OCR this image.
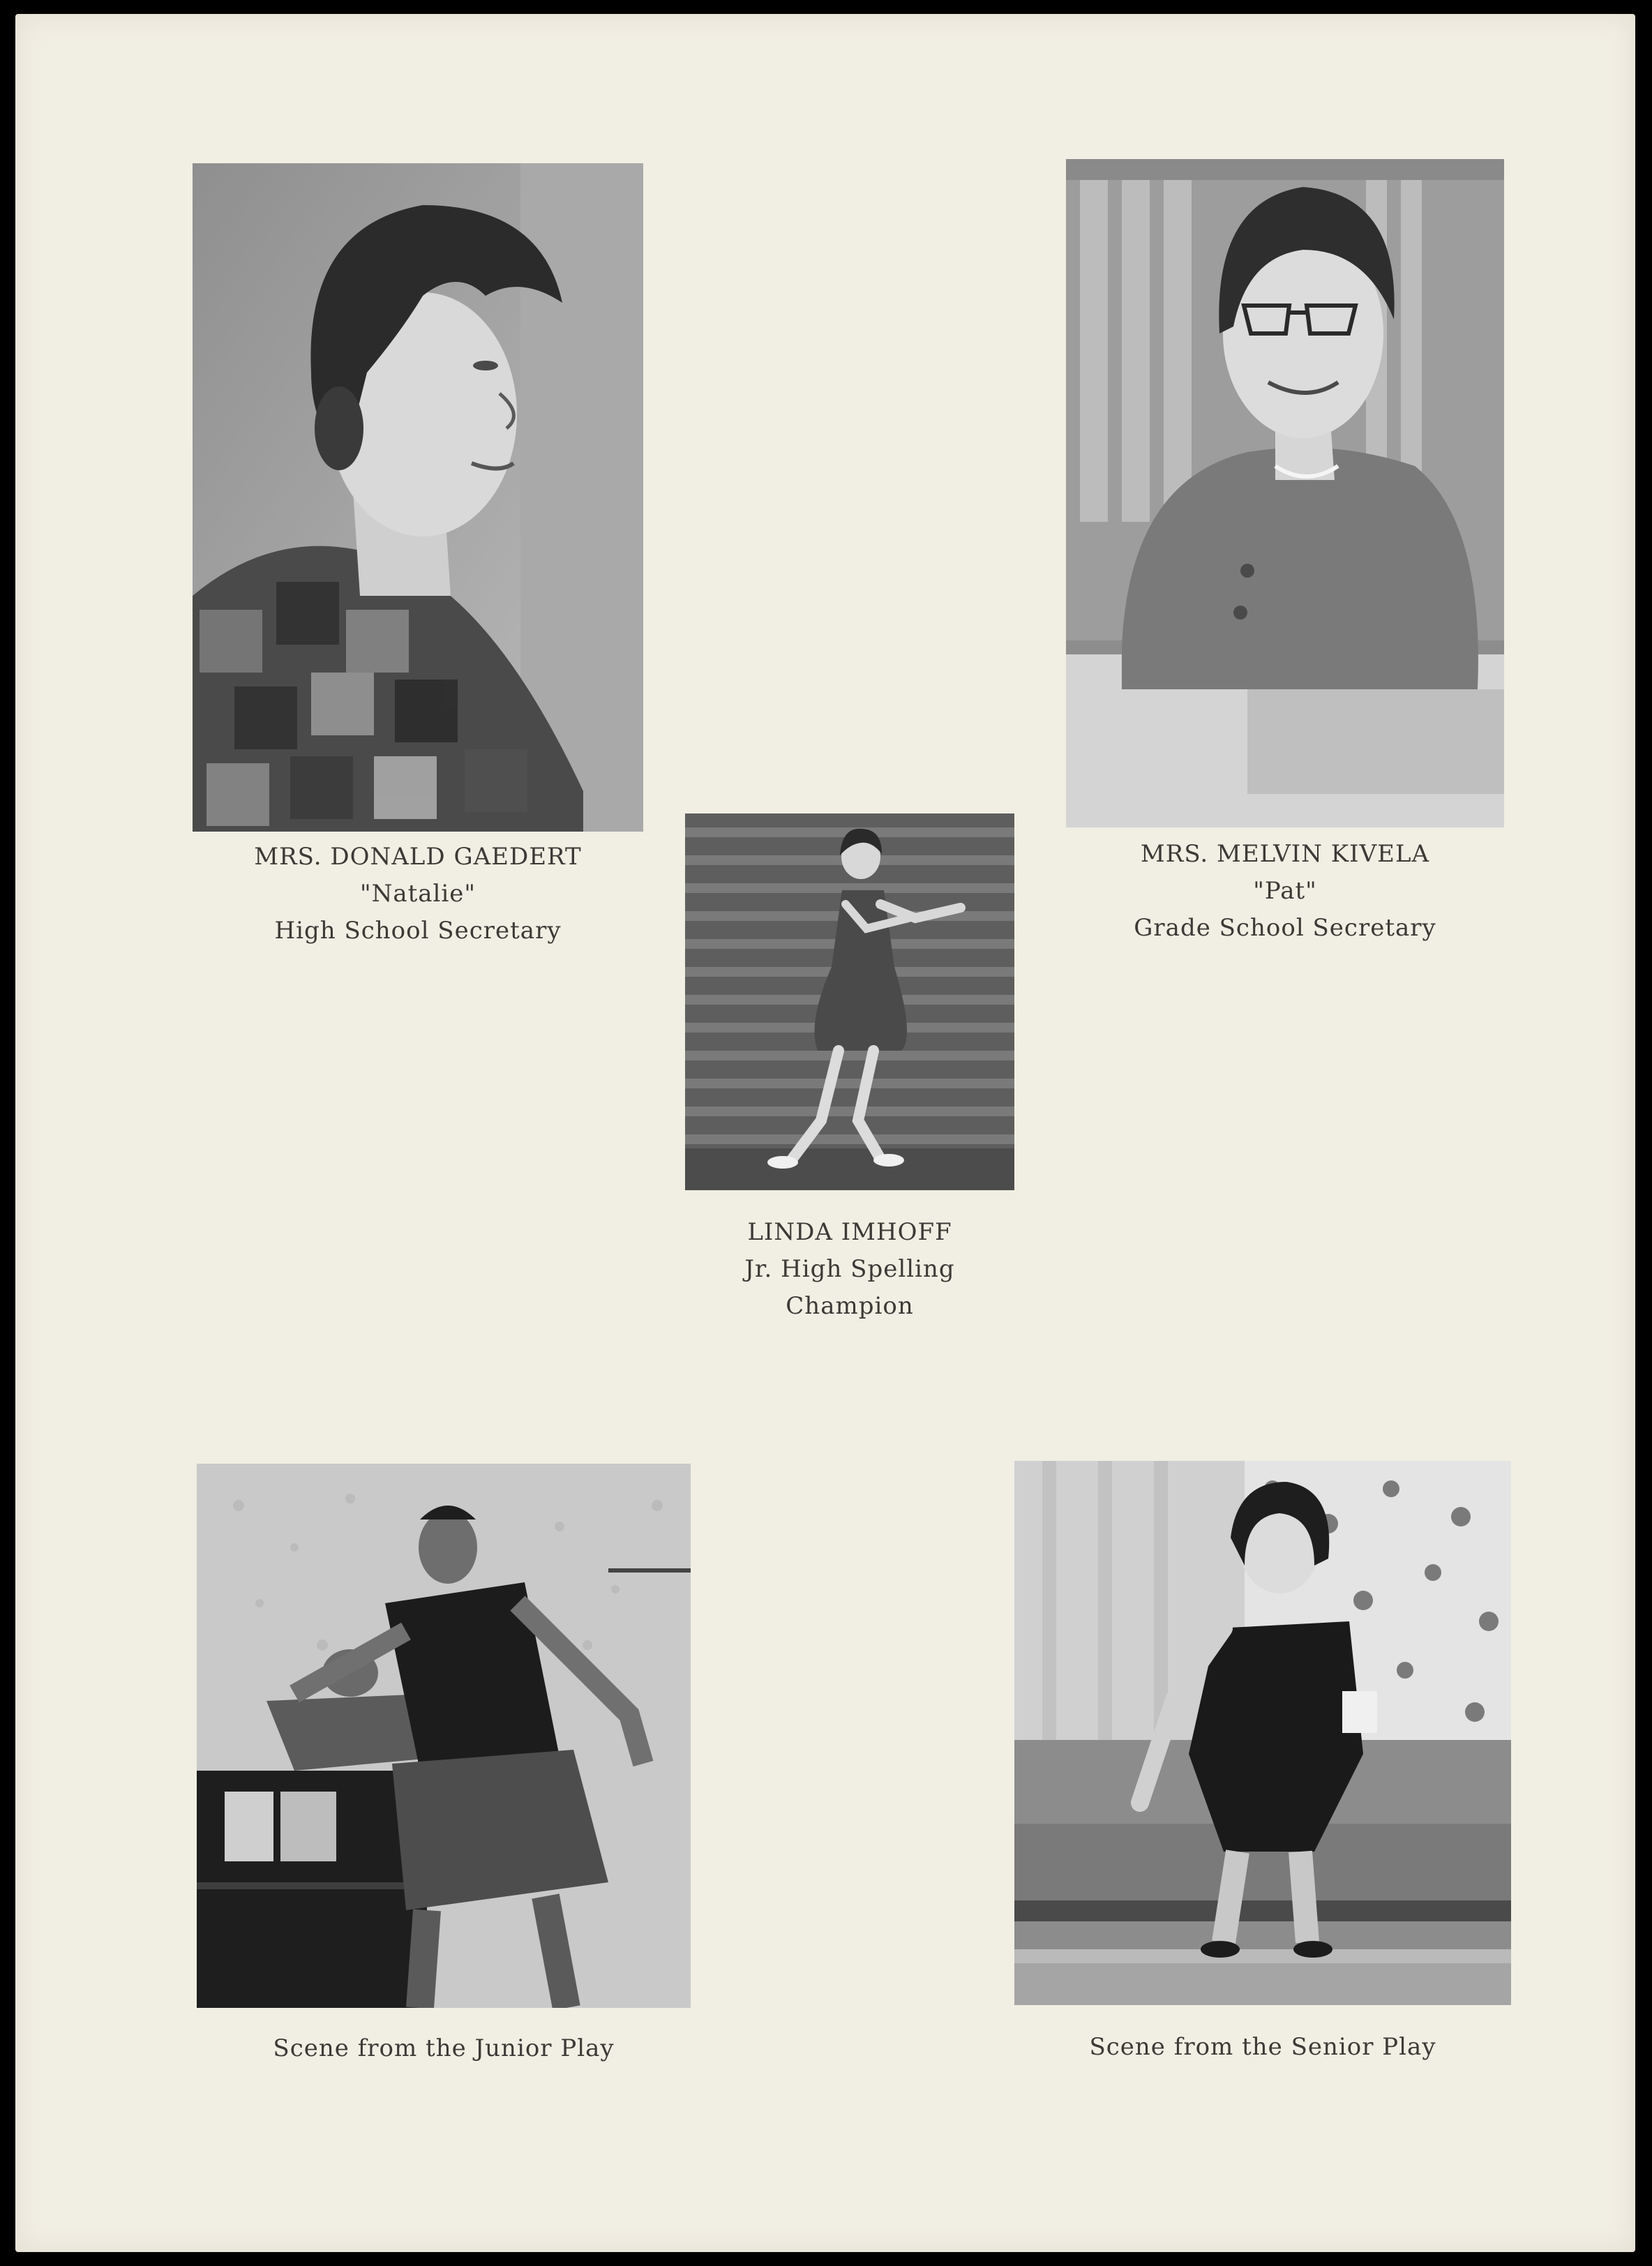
MRS. DONALD GAEDERT
"Natalie"
High School Secretary
MRS. MELVIN KIVELA
"Pat"
Grade School Secretary
LINDA IMHOFF
Jr. High Spelling
Champion
Scene from the Junior Play	Scene from the Senior Play
